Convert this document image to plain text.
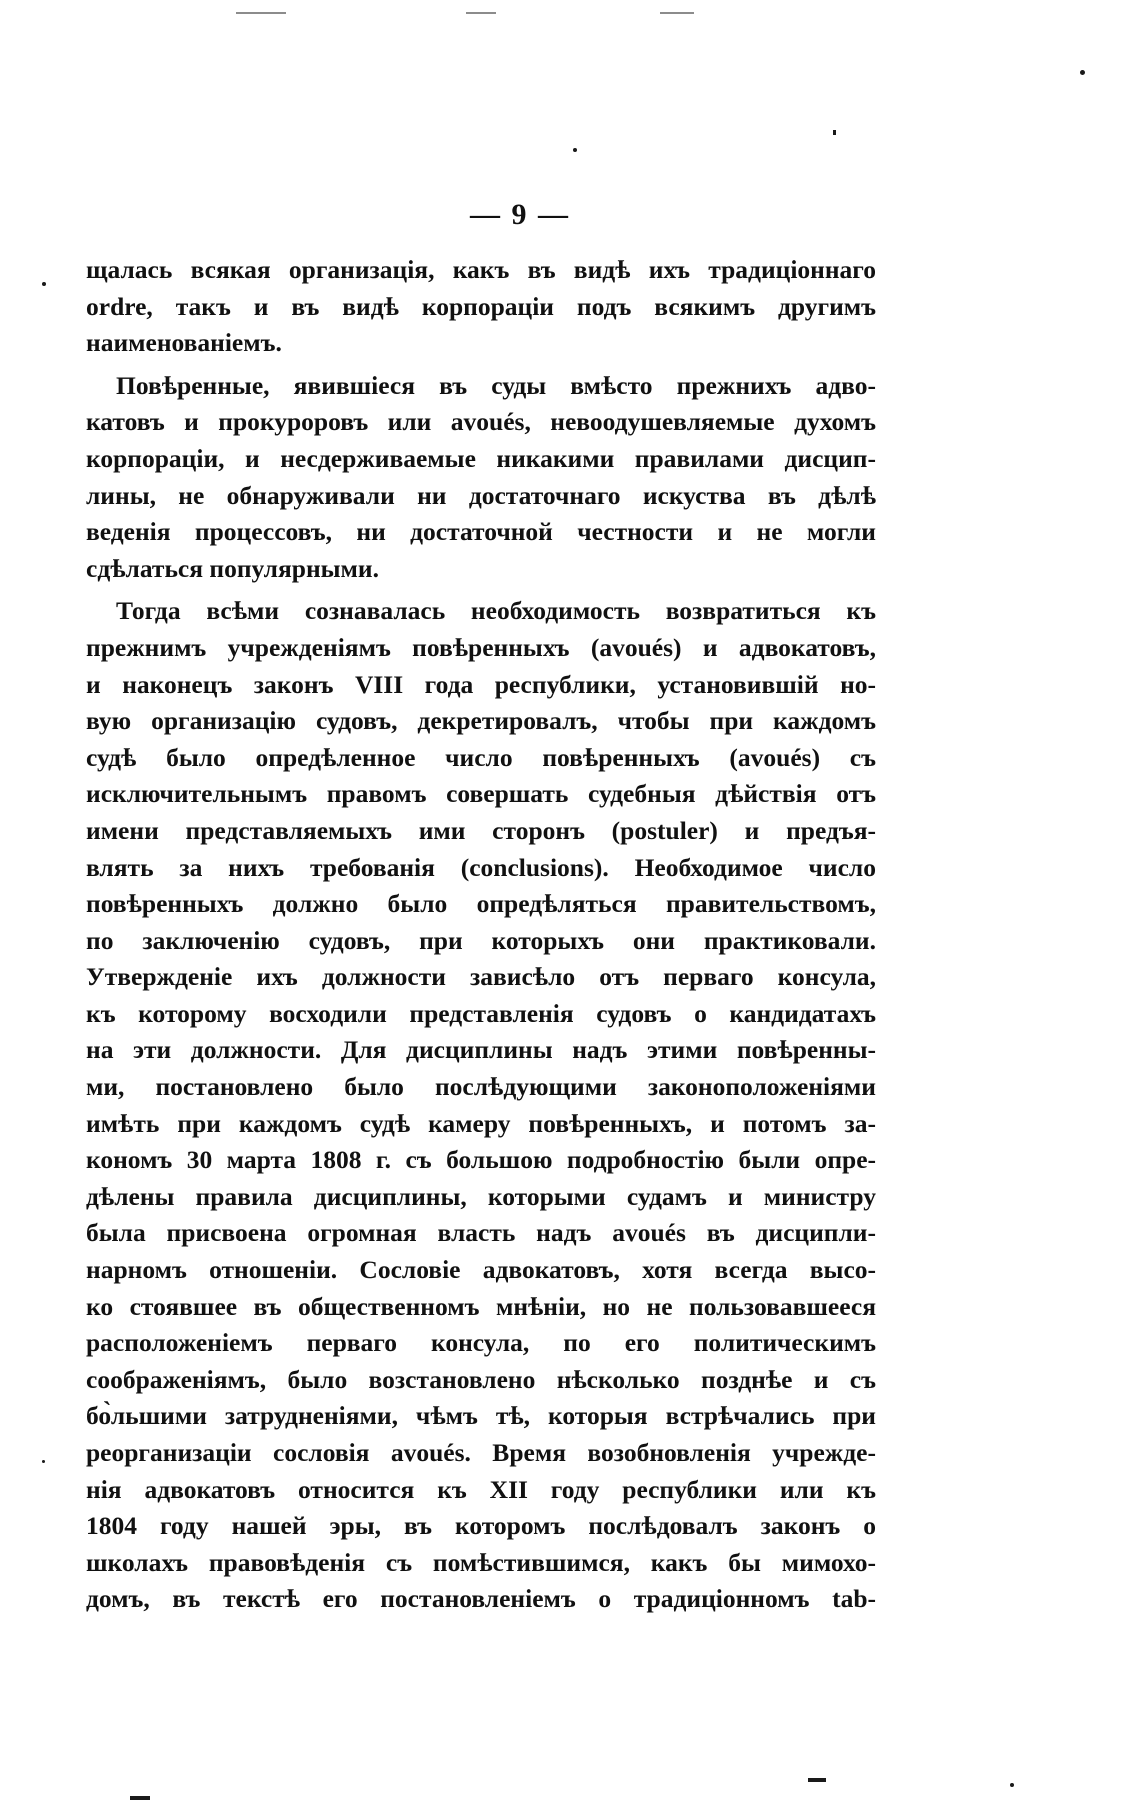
— 9 —
щалась всякая организація, какъ въ видѣ ихъ традиціоннаго
ordre, такъ и въ видѣ корпораціи подъ всякимъ другимъ
наименованіемъ.
Повѣренные, явившіеся въ суды вмѣсто прежнихъ адво-
катовъ и прокуроровъ или avoués, невоодушевляемые духомъ
корпораціи, и несдерживаемые никакими правилами дисцип-
лины, не обнаруживали ни достаточнаго искуства въ дѣлѣ
веденія процессовъ, ни достаточной честности и не могли
сдѣлаться популярными.
Тогда всѣми сознавалась необходимость возвратиться къ
прежнимъ учрежденіямъ повѣренныхъ (avoués) и адвокатовъ,
и наконецъ законъ VIII года республики, установившій но-
вую организацію судовъ, декретировалъ, чтобы при каждомъ
судѣ было опредѣленное число повѣренныхъ (avoués) съ
исключительнымъ правомъ совершать судебныя дѣйствія отъ
имени представляемыхъ ими сторонъ (postuler) и предъя-
влять за нихъ требованія (conclusions). Необходимое число
повѣренныхъ должно было опредѣляться правительствомъ,
по заключенію судовъ, при которыхъ они практиковали.
Утвержденіе ихъ должности зависѣло отъ перваго консула,
къ которому восходили представленія судовъ о кандидатахъ
на эти должности. Для дисциплины надъ этими повѣренны-
ми, постановлено было послѣдующими законоположеніями
имѣть при каждомъ судѣ камеру повѣренныхъ, и потомъ за-
кономъ 30 марта 1808 г. съ большою подробностію были опре-
дѣлены правила дисциплины, которыми судамъ и министру
была присвоена огромная власть надъ avoués въ дисципли-
нарномъ отношеніи. Сословіе адвокатовъ, хотя всегда высо-
ко стоявшее въ общественномъ мнѣніи, но не пользовавшееся
расположеніемъ перваго консула, по его политическимъ
соображеніямъ, было возстановлено нѣсколько позднѣе и съ
бо̀льшими затрудненіями, чѣмъ тѣ, которыя встрѣчались при
реорганизаціи сословія avoués. Время возобновленія учрежде-
нія адвокатовъ относится къ XII году республики или къ
1804 году нашей эры, въ которомъ послѣдовалъ законъ о
школахъ правовѣденія съ помѣстившимся, какъ бы мимохо-
домъ, въ текстѣ его постановленіемъ о традиціонномъ tab-
